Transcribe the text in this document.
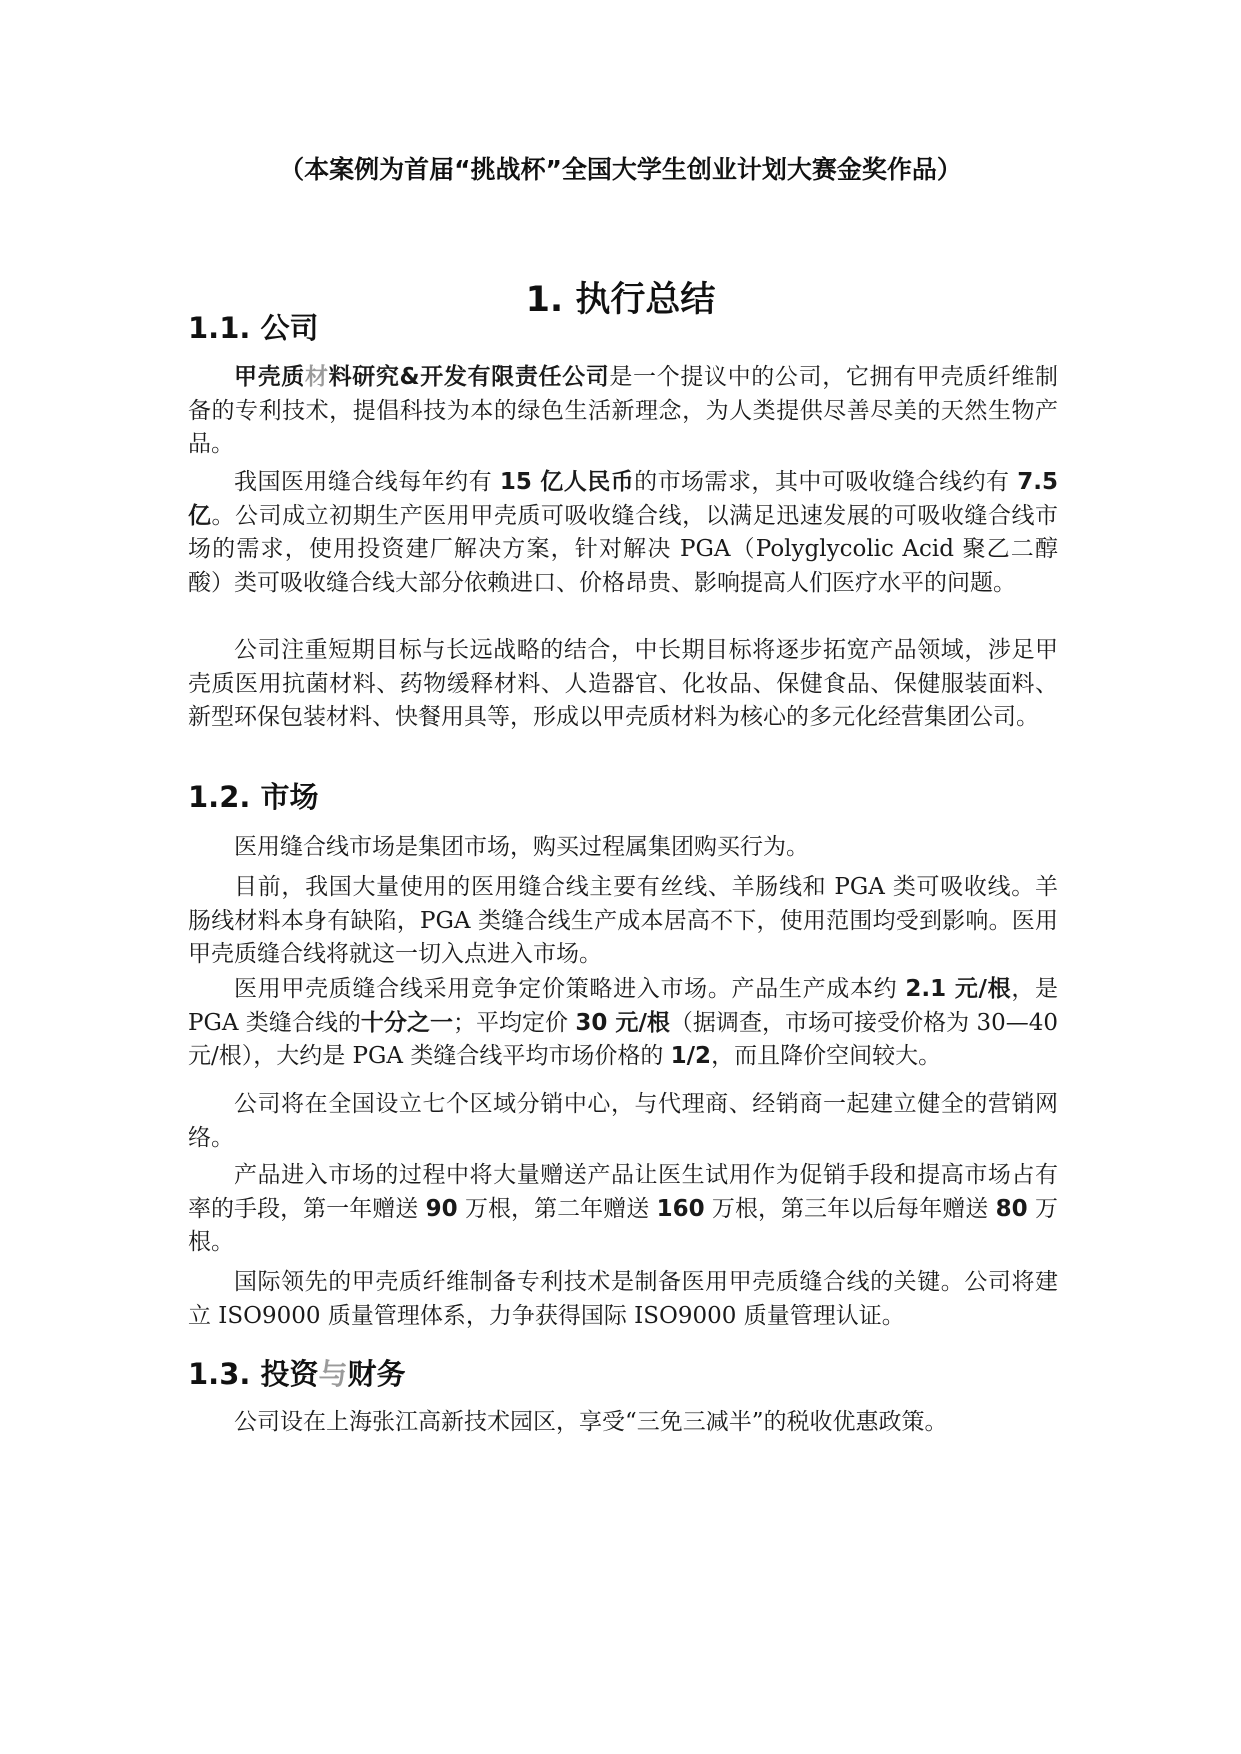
（本案例为首届“挑战杯”全国大学生创业计划大赛金奖作品）
1. 执行总结
1.1. 公司
甲壳质材料研究&开发有限责任公司是一个提议中的公司，它拥有甲壳质纤维制备的专利技术，提倡科技为本的绿色生活新理念，为人类提供尽善尽美的天然生物产品。
我国医用缝合线每年约有 15 亿人民币的市场需求，其中可吸收缝合线约有 7.5 亿。公司成立初期生产医用甲壳质可吸收缝合线，以满足迅速发展的可吸收缝合线市场的需求，使用投资建厂解决方案，针对解决 PGA（Polyglycolic Acid 聚乙二醇酸）类可吸收缝合线大部分依赖进口、价格昂贵、影响提高人们医疗水平的问题。
公司注重短期目标与长远战略的结合，中长期目标将逐步拓宽产品领域，涉足甲壳质医用抗菌材料、药物缓释材料、人造器官、化妆品、保健食品、保健服装面料、新型环保包装材料、快餐用具等，形成以甲壳质材料为核心的多元化经营集团公司。
1.2. 市场
医用缝合线市场是集团市场，购买过程属集团购买行为。
目前，我国大量使用的医用缝合线主要有丝线、羊肠线和 PGA 类可吸收线。羊肠线材料本身有缺陷，PGA 类缝合线生产成本居高不下，使用范围均受到影响。医用甲壳质缝合线将就这一切入点进入市场。
医用甲壳质缝合线采用竞争定价策略进入市场。产品生产成本约 2.1 元/根，是 PGA 类缝合线的十分之一；平均定价 30 元/根（据调查，市场可接受价格为 30—40 元/根），大约是 PGA 类缝合线平均市场价格的 1/2，而且降价空间较大。
公司将在全国设立七个区域分销中心，与代理商、经销商一起建立健全的营销网络。
产品进入市场的过程中将大量赠送产品让医生试用作为促销手段和提高市场占有率的手段，第一年赠送 90 万根，第二年赠送 160 万根，第三年以后每年赠送 80 万根。
国际领先的甲壳质纤维制备专利技术是制备医用甲壳质缝合线的关键。公司将建立 ISO9000 质量管理体系，力争获得国际 ISO9000 质量管理认证。
1.3. 投资与财务
公司设在上海张江高新技术园区，享受“三免三减半”的税收优惠政策。
